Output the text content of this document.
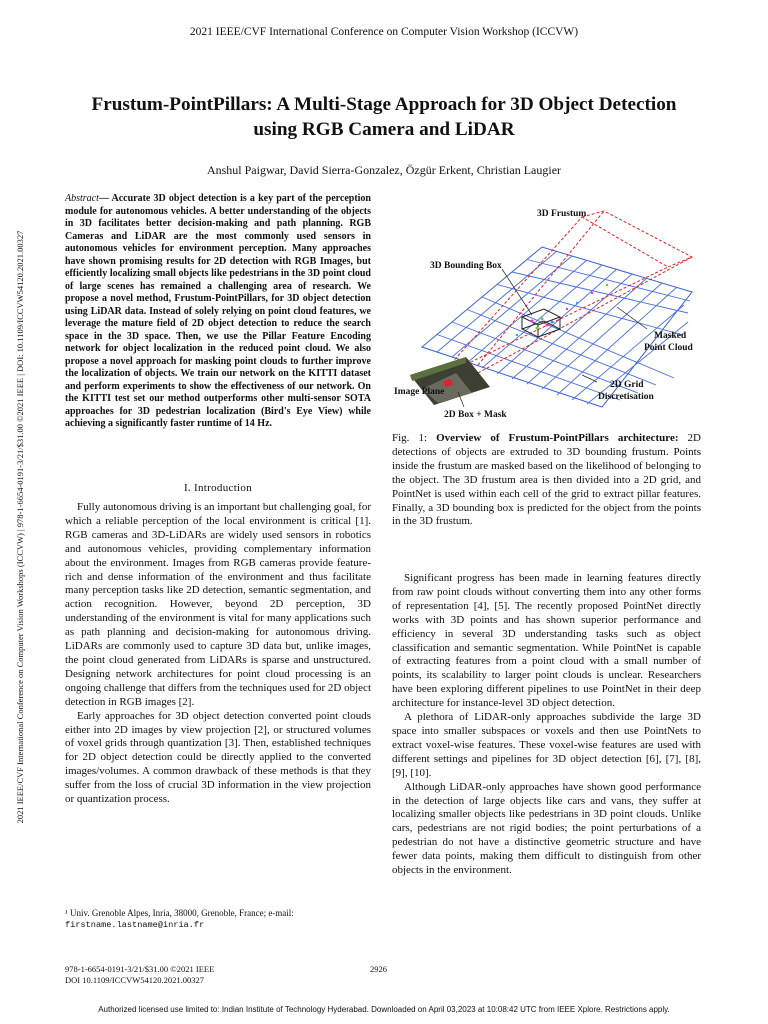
2021 IEEE/CVF International Conference on Computer Vision Workshop (ICCVW)
Frustum-PointPillars: A Multi-Stage Approach for 3D Object Detection
using RGB Camera and LiDAR
Anshul Paigwar, David Sierra-Gonzalez, Özgür Erkent, Christian Laugier
2021 IEEE/CVF International Conference on Computer Vision Workshops (ICCVW) | 978-1-6654-0191-3/21/$31.00 ©2021 IEEE | DOI: 10.1109/ICCVW54120.2021.00327
Abstract— Accurate 3D object detection is a key part of the perception module for autonomous vehicles. A better understanding of the objects in 3D facilitates better decision-making and path planning. RGB Cameras and LiDAR are the most commonly used sensors in autonomous vehicles for environment perception. Many approaches have shown promising results for 2D detection with RGB Images, but efficiently localizing small objects like pedestrians in the 3D point cloud of large scenes has remained a challenging area of research. We propose a novel method, Frustum-PointPillars, for 3D object detection using LiDAR data. Instead of solely relying on point cloud features, we leverage the mature field of 2D object detection to reduce the search space in the 3D space. Then, we use the Pillar Feature Encoding network for object localization in the reduced point cloud. We also propose a novel approach for masking point clouds to further improve the localization of objects. We train our network on the KITTI dataset and perform experiments to show the effectiveness of our network. On the KITTI test set our method outperforms other multi-sensor SOTA approaches for 3D pedestrian localization (Bird's Eye View) while achieving a significantly faster runtime of 14 Hz.
I. Introduction

Fully autonomous driving is an important but challenging goal, for which a reliable perception of the local environment is critical [1]. RGB cameras and 3D-LiDARs are widely used sensors in robotics and autonomous vehicles, providing complementary information about the environment. Images from RGB cameras provide feature-rich and dense information of the environment and thus facilitate many perception tasks like 2D detection, semantic segmentation, and action recognition. However, beyond 2D perception, 3D understanding of the environment is vital for many applications such as path planning and decision-making for autonomous driving. LiDARs are commonly used to capture 3D data but, unlike images, the point cloud generated from LiDARs is sparse and unstructured. Designing network architectures for point cloud processing is an ongoing challenge that differs from the techniques used for 2D object detection in RGB images [2].

Early approaches for 3D object detection converted point clouds either into 2D images by view projection [2], or structured volumes of voxel grids through quantization [3]. Then, established techniques for 2D object detection could be directly applied to the converted images/volumes. A common drawback of these methods is that they suffer from the loss of crucial 3D information in the view projection or quantization process.

¹ Univ. Grenoble Alpes, Inria, 38000, Grenoble, France; e-mail:
firstname.lastname@inria.fr
3D Frustum
3D Bounding Box
Masked
Point Cloud
Image Plane
2D Grid
Discretisation
2D Box + Mask
Fig. 1: Overview of Frustum-PointPillars architecture: 2D detections of objects are extruded to 3D bounding frustum. Points inside the frustum are masked based on the likelihood of belonging to the object. The 3D frustum area is then divided into a 2D grid, and PointNet is used within each cell of the grid to extract pillar features. Finally, a 3D bounding box is predicted for the object from the points in the 3D frustum.

Significant progress has been made in learning features directly from raw point clouds without converting them into any other forms of representation [4], [5]. The recently proposed PointNet directly works with 3D points and has shown superior performance and efficiency in several 3D understanding tasks such as object classification and semantic segmentation. While PointNet is capable of extracting features from a point cloud with a small number of points, its scalability to larger point clouds is unclear. Researchers have been exploring different pipelines to use PointNet in their deep architecture for instance-level 3D object detection.

A plethora of LiDAR-only approaches subdivide the large 3D space into smaller subspaces or voxels and then use PointNets to extract voxel-wise features. These voxel-wise features are used with different settings and pipelines for 3D object detection [6], [7], [8], [9], [10].

Although LiDAR-only approaches have shown good performance in the detection of large objects like cars and vans, they suffer at localizing smaller objects like pedestrians in 3D point clouds. Unlike cars, pedestrians are not rigid bodies; the point perturbations of a pedestrian do not have a distinctive geometric structure and have fewer data points, making them difficult to distinguish from other objects in the environment.

978-1-6654-0191-3/21/$31.00 ©2021 IEEE
DOI 10.1109/ICCVW54120.2021.00327
2926
Authorized licensed use limited to: Indian Institute of Technology Hyderabad. Downloaded on April 03,2023 at 10:08:42 UTC from IEEE Xplore. Restrictions apply.
